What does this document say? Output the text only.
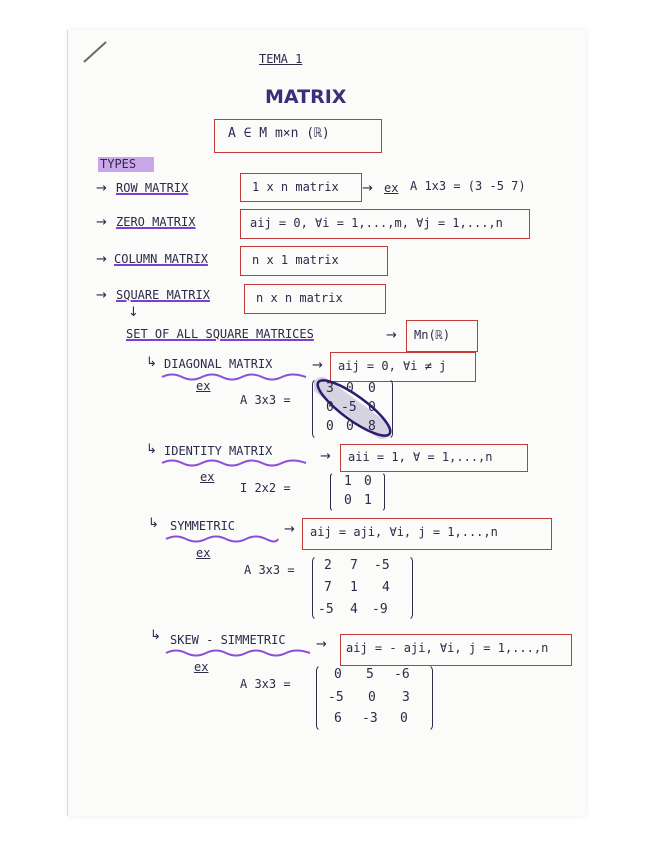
TEMA 1
MATRIX
A ∈ M m×n (ℝ)
TYPES
→ ROW MATRIX	1 x n matrix → ex A 1x3 = (3 -5 7)
→ ZERO MATRIX	aij = 0, ∀i = 1,...,m, ∀j = 1,...,n
→ COLUMN MATRIX	n x 1 matrix
→ SQUARE MATRIX	n x n matrix
↓
SET OF ALL SQUARE MATRICES	→ Mn(ℝ)
↳ DIAGONAL MATRIX	→ aij = 0, ∀i ≠ j
ex
A 3x3 =
3 0 0
0 -5 0
0 0 8
↳ IDENTITY MATRIX	→ aii = 1, ∀ = 1,...,n
ex
I 2x2 =	1 0
0 1
↳ SYMMETRIC	→ aij = aji, ∀i, j = 1,...,n
ex
A 3x3 = 2 7 -5
7 1 4
-5 4 -9
↳ SKEW - SIMMETRIC → aij = - aji, ∀i, j = 1,...,n
ex
A 3x3 =
0 5 -6
-5 0 3
6 -3 0
